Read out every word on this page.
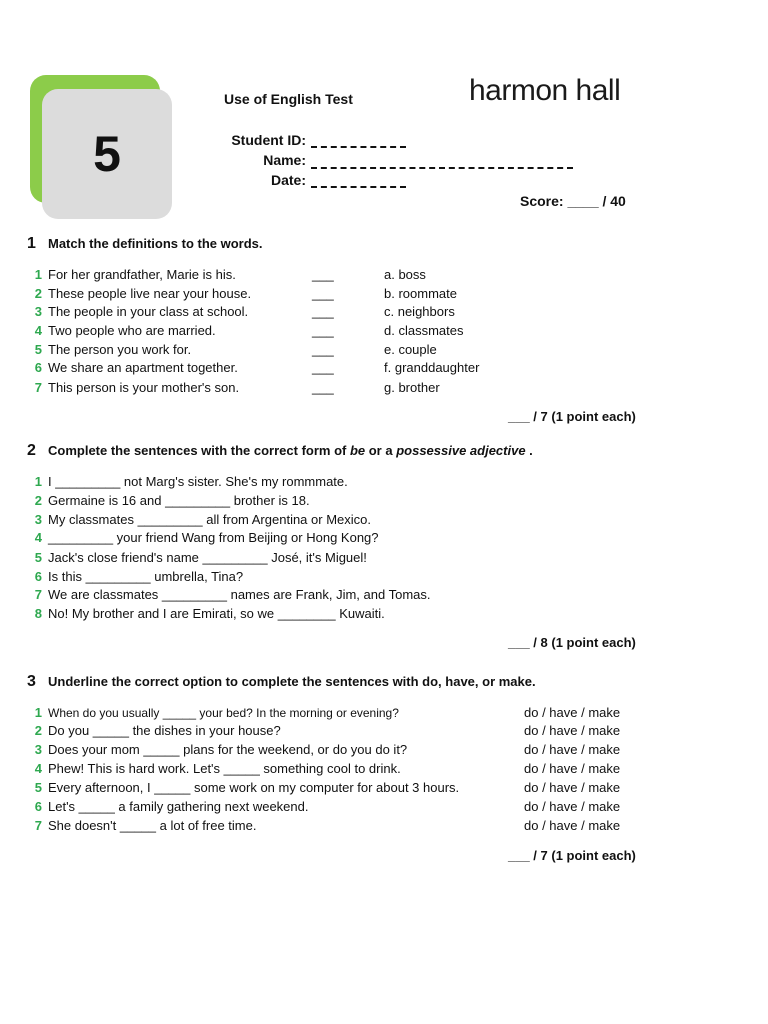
5
Use of English Test	harmon hall
Student ID:
Name:
Date:
Score: ____ / 40
1 Match the definitions to the words.
1 For her grandfather, Marie is his.	___	a. boss
2 These people live near your house.	___	b. roommate
3 The people in your class at school.	___	c. neighbors
4 Two people who are married.	___	d. classmates
5 The person you work for.	___	e. couple
6 We share an apartment together.	___	f. granddaughter
7 This person is your mother's son.	___	g. brother
___ / 7 (1 point each)
2 Complete the sentences with the correct form of be or a possessive adjective .
1 I _________ not Marg's sister. She's my rommmate.
2 Germaine is 16 and _________ brother is 18.
3 My classmates _________ all from Argentina or Mexico.
4 _________ your friend Wang from Beijing or Hong Kong?
5 Jack's close friend's name _________ José, it's Miguel!
6 Is this _________ umbrella, Tina?
7 We are classmates _________ names are Frank, Jim, and Tomas.
8 No! My brother and I are Emirati, so we ________ Kuwaiti.
___ / 8 (1 point each)
3 Underline the correct option to complete the sentences with do, have, or make.
1 When do you usually _____ your bed? In the morning or evening?	do / have / make
2 Do you _____ the dishes in your house?	do / have / make
3 Does your mom _____ plans for the weekend, or do you do it?	do / have / make
4 Phew! This is hard work. Let's _____ something cool to drink.	do / have / make
5 Every afternoon, I _____ some work on my computer for about 3 hours.	do / have / make
6 Let's _____ a family gathering next weekend.	do / have / make
7 She doesn't _____ a lot of free time.	do / have / make
___ / 7 (1 point each)
